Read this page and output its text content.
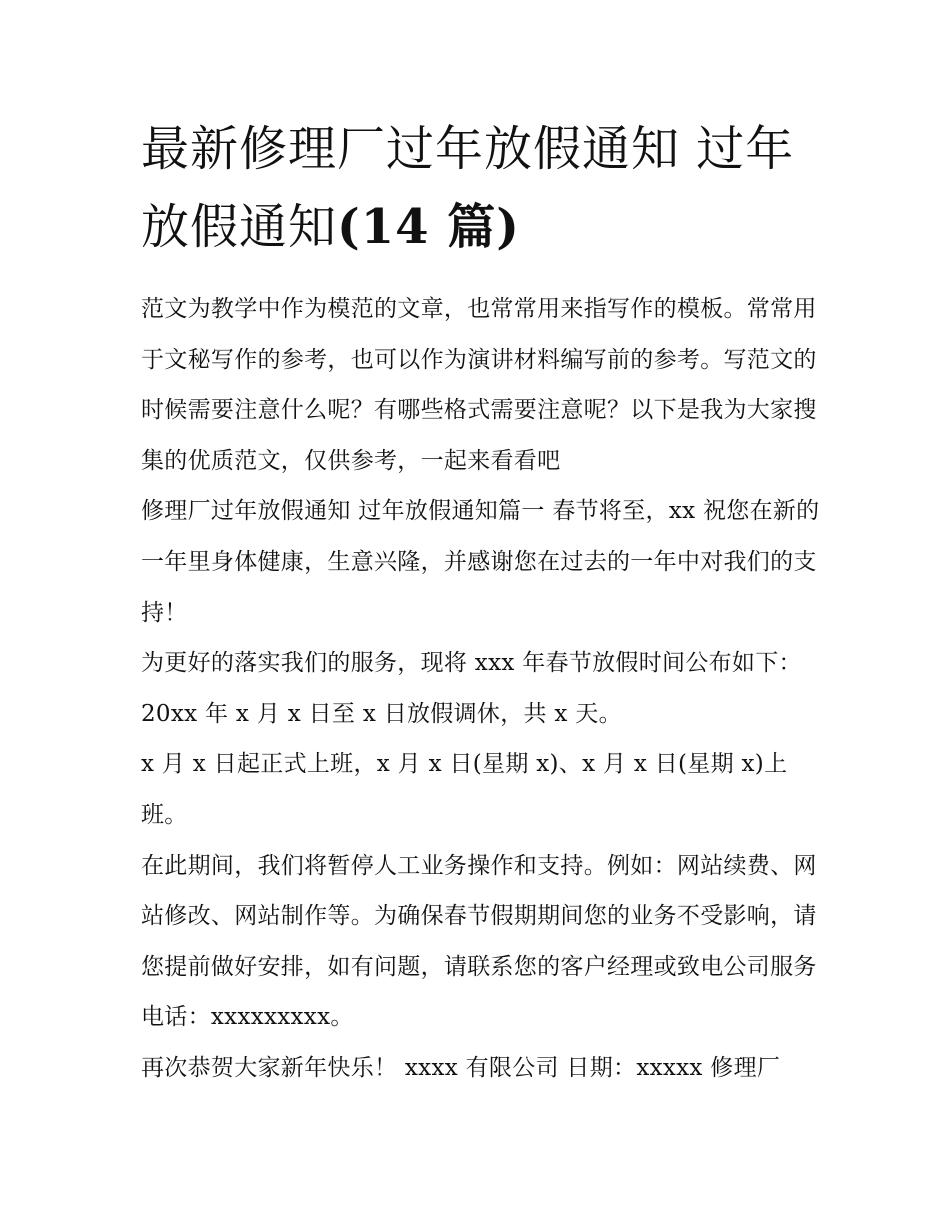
最新修理厂过年放假通知 过年放假通知(14 篇)

范文为教学中作为模范的文章，也常常用来指写作的模板。常常用于文秘写作的参考，也可以作为演讲材料编写前的参考。写范文的时候需要注意什么呢？有哪些格式需要注意呢？以下是我为大家搜集的优质范文，仅供参考，一起来看看吧

修理厂过年放假通知 过年放假通知篇一 春节将至，xx 祝您在新的一年里身体健康，生意兴隆，并感谢您在过去的一年中对我们的支持！

为更好的落实我们的服务，现将 xxx 年春节放假时间公布如下： 20xx 年 x 月 x 日至 x 日放假调休，共 x 天。

x 月 x 日起正式上班，x 月 x 日(星期 x)、x 月 x 日(星期 x)上班。

在此期间，我们将暂停人工业务操作和支持。例如：网站续费、网站修改、网站制作等。为确保春节假期期间您的业务不受影响，请您提前做好安排，如有问题，请联系您的客户经理或致电公司服务电话：xxxxxxxxx。

再次恭贺大家新年快乐！ xxxx 有限公司 日期：xxxxx 修理厂
